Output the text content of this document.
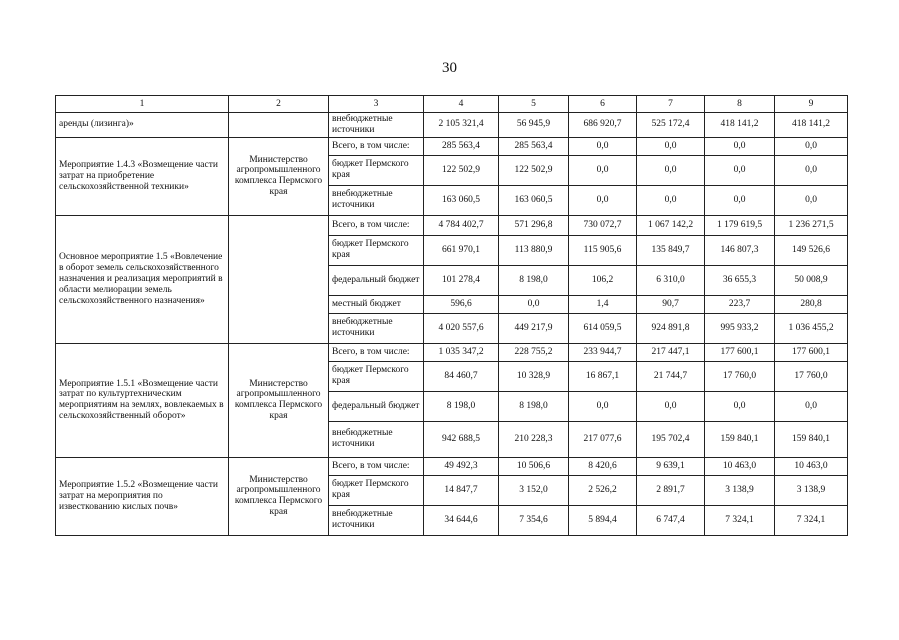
30
1	2	3	4	5	6	7	8	9
аренды (лизинга)»		внебюджетные источники	2 105 321,4	56 945,9	686 920,7	525 172,4	418 141,2	418 141,2
Мероприятие 1.4.3 «Возмещение части затрат на приобретение сельскохозяйственной техники»	Министерство агропромышленного комплекса Пермского края	Всего, в том числе:	285 563,4	285 563,4	0,0	0,0	0,0	0,0
		бюджет Пермского края	122 502,9	122 502,9	0,0	0,0	0,0	0,0
		внебюджетные источники	163 060,5	163 060,5	0,0	0,0	0,0	0,0
Основное мероприятие 1.5 «Вовлечение в оборот земель сельскохозяйственного назначения и реализация мероприятий в области мелиорации земель сельскохозяйственного назначения»		Всего, в том числе:	4 784 402,7	571 296,8	730 072,7	1 067 142,2	1 179 619,5	1 236 271,5
		бюджет Пермского края	661 970,1	113 880,9	115 905,6	135 849,7	146 807,3	149 526,6
		федеральный бюджет	101 278,4	8 198,0	106,2	6 310,0	36 655,3	50 008,9
		местный бюджет	596,6	0,0	1,4	90,7	223,7	280,8
		внебюджетные источники	4 020 557,6	449 217,9	614 059,5	924 891,8	995 933,2	1 036 455,2
Мероприятие 1.5.1 «Возмещение части затрат по культуртехническим мероприятиям на землях, вовлекаемых в сельскохозяйственный оборот»	Министерство агропромышленного комплекса Пермского края	Всего, в том числе:	1 035 347,2	228 755,2	233 944,7	217 447,1	177 600,1	177 600,1
		бюджет Пермского края	84 460,7	10 328,9	16 867,1	21 744,7	17 760,0	17 760,0
		федеральный бюджет	8 198,0	8 198,0	0,0	0,0	0,0	0,0
		внебюджетные источники	942 688,5	210 228,3	217 077,6	195 702,4	159 840,1	159 840,1
Мероприятие 1.5.2 «Возмещение части затрат на мероприятия по известкованию кислых почв»	Министерство агропромышленного комплекса Пермского края	Всего, в том числе:	49 492,3	10 506,6	8 420,6	9 639,1	10 463,0	10 463,0
		бюджет Пермского края	14 847,7	3 152,0	2 526,2	2 891,7	3 138,9	3 138,9
		внебюджетные источники	34 644,6	7 354,6	5 894,4	6 747,4	7 324,1	7 324,1
